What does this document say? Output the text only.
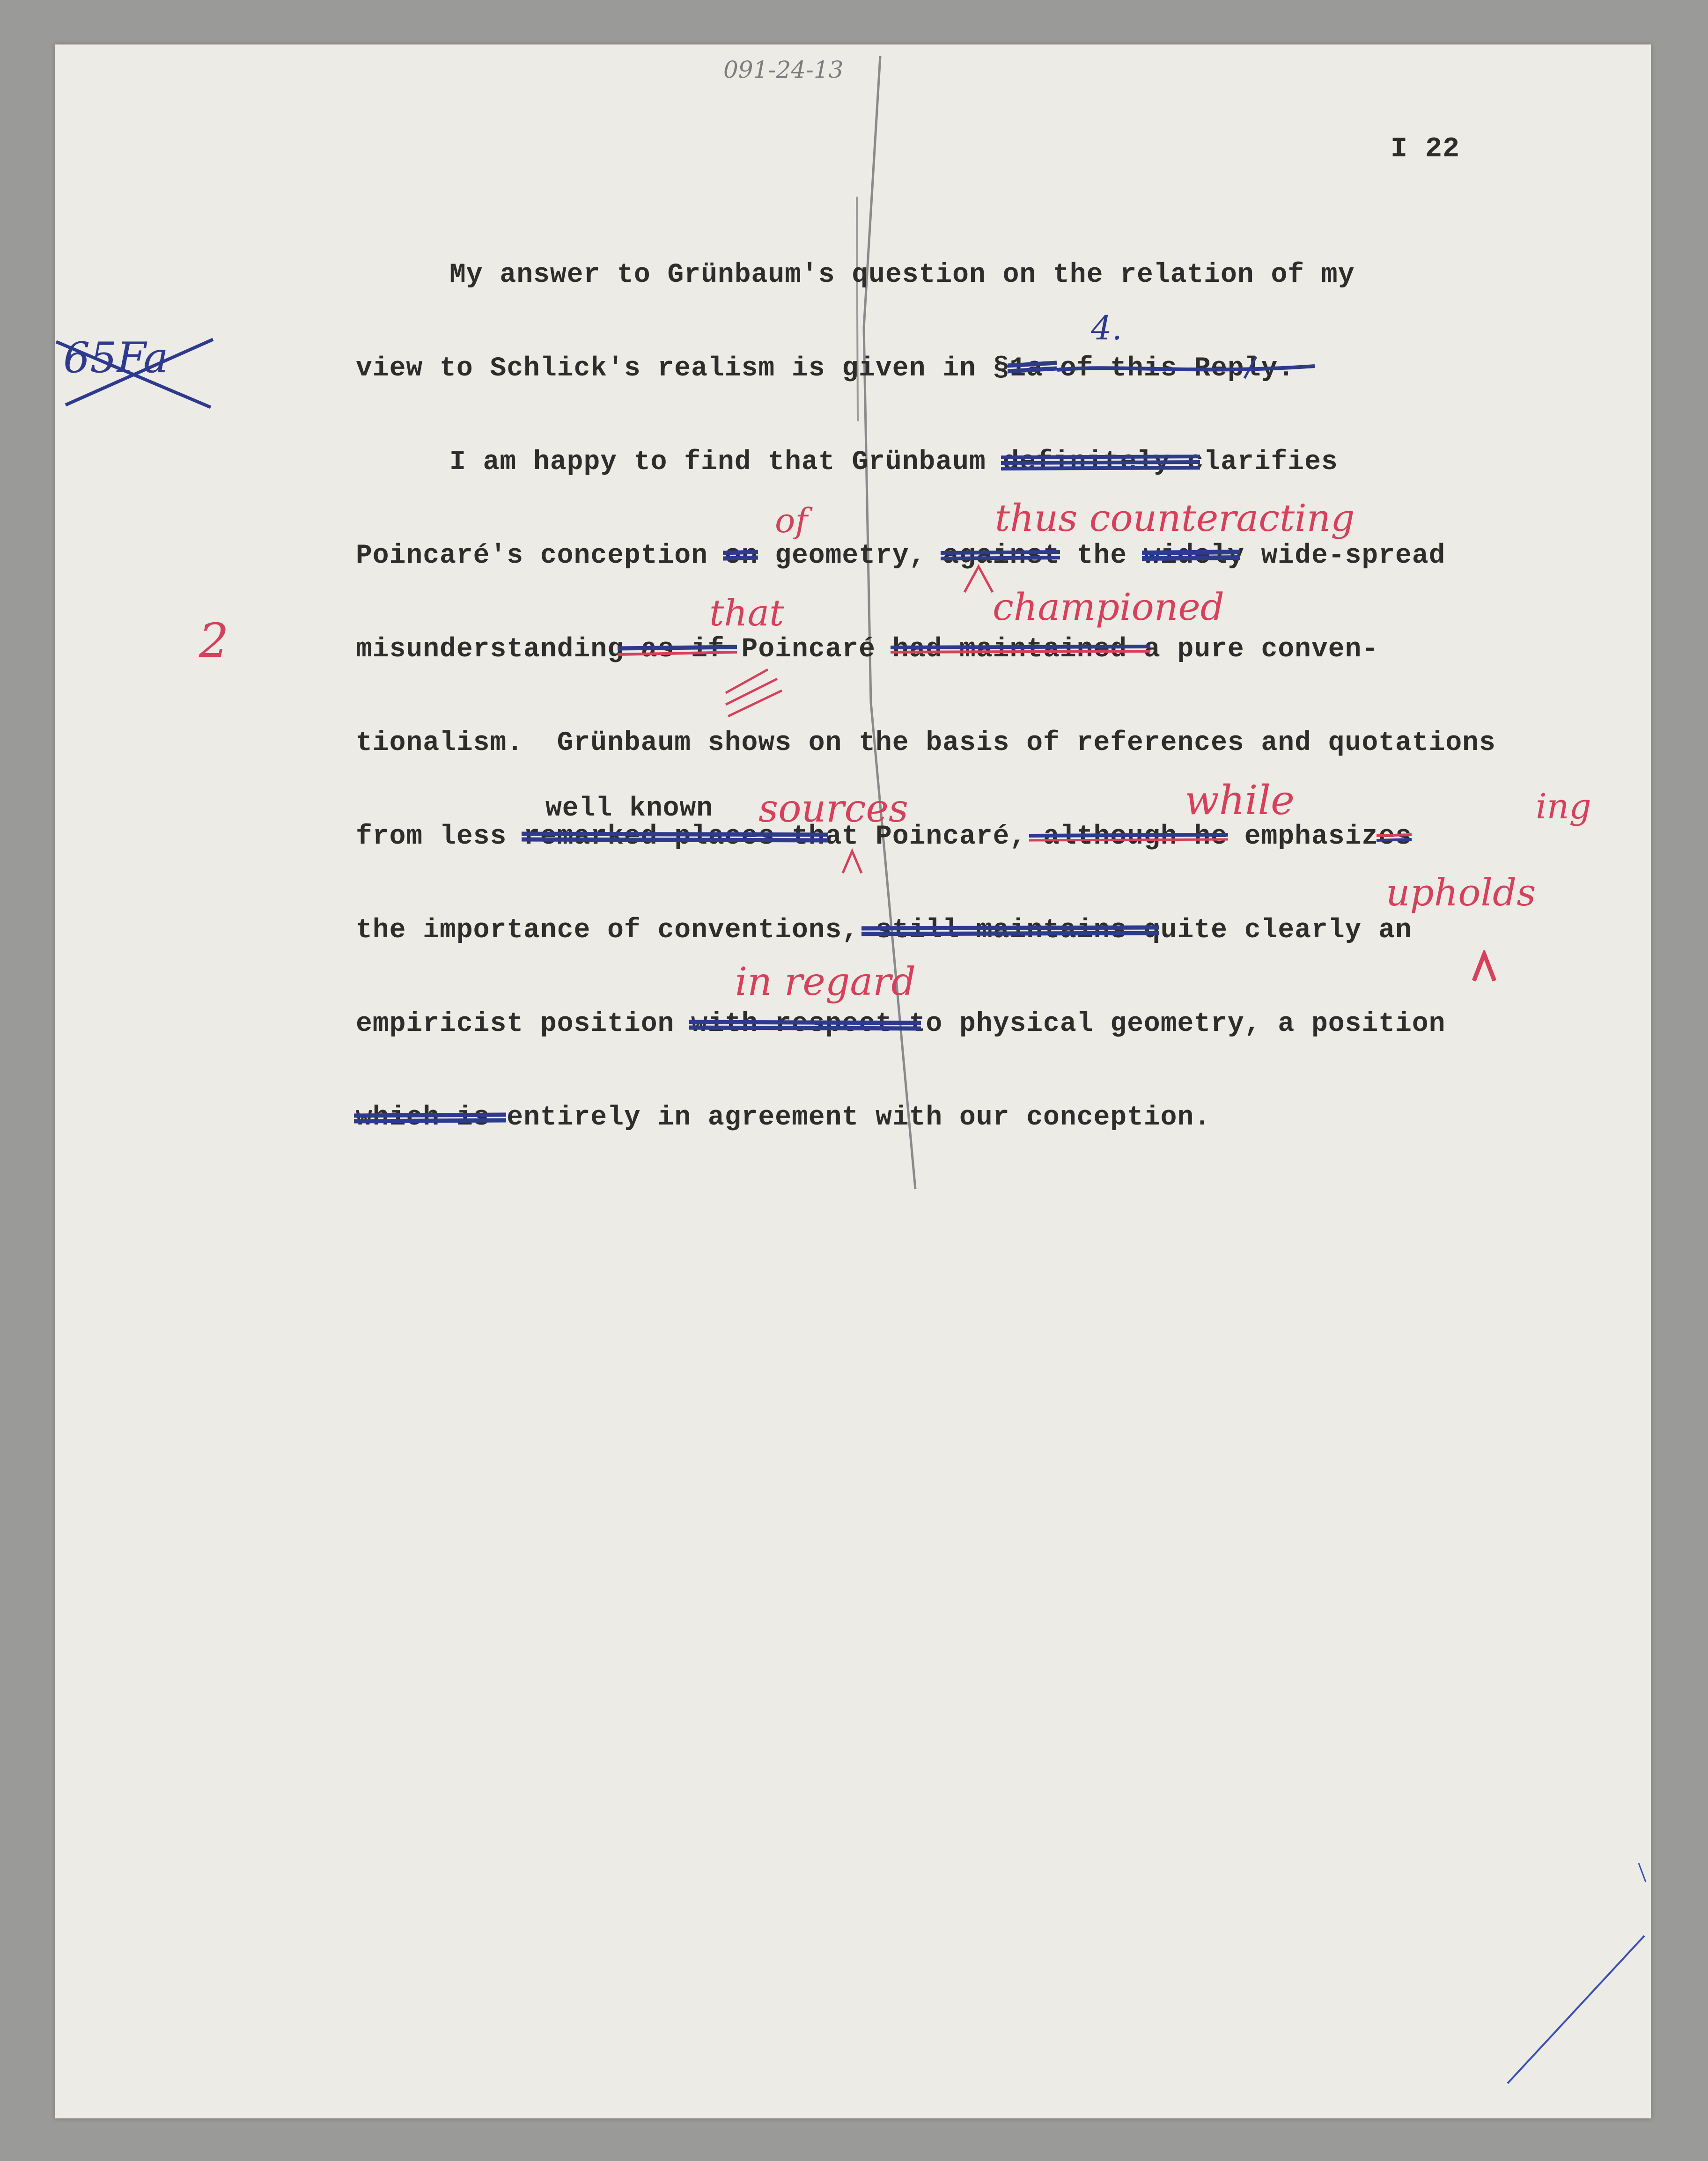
091-24-13
I 22
65Fa
2
My answer to Grünbaum's question on the relation of my
view to Schlick's realism is given in §1a of this Reply.
4.
I am happy to find that Grünbaum definitely clarifies
Poincaré's conception on geometry, against the widely wide-spread
of	thus counteracting
misunderstanding as if Poincaré had maintained a pure conven-
that	championed
tionalism.  Grünbaum shows on the basis of references and quotations
well known sources	while	ing
from less remarked places that Poincaré, although he emphasizes
upholds
the importance of conventions, still maintains quite clearly an
in regard
empiricist position with respect to physical geometry, a position
which is entirely in agreement with our conception.
